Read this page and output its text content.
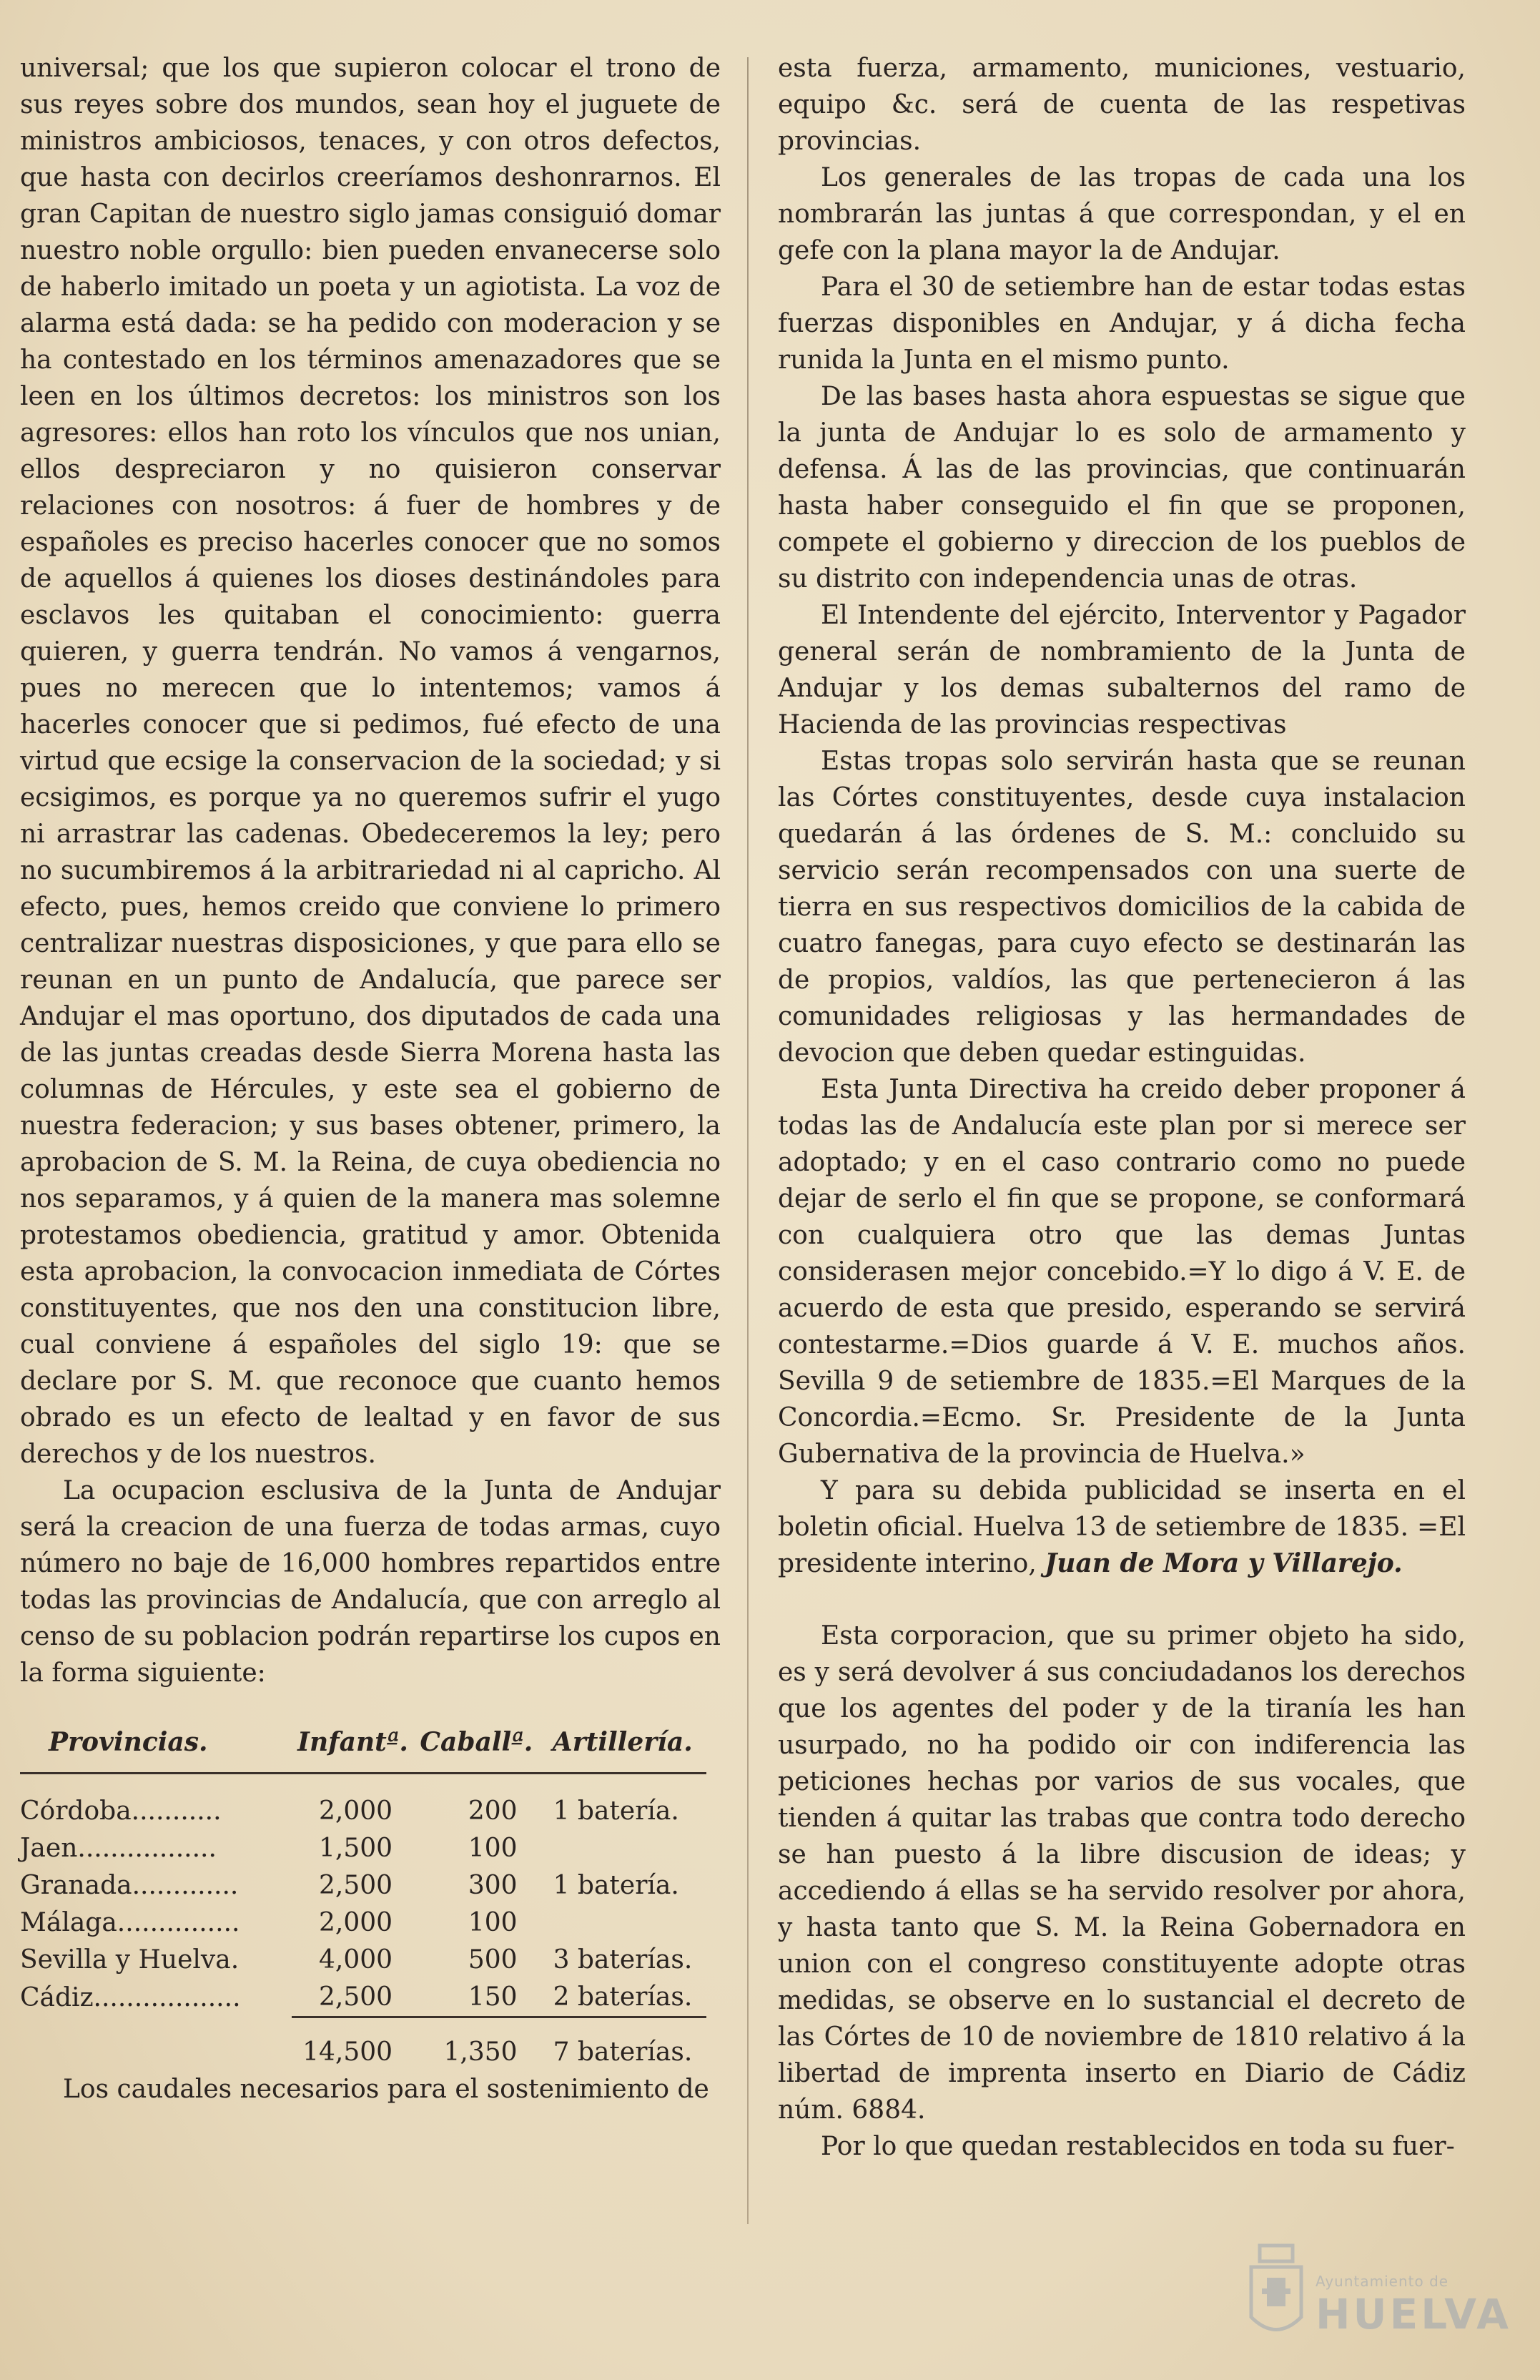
universal; que los que supieron colocar el trono de sus reyes sobre dos mundos, sean hoy el juguete de ministros ambiciosos, tenaces, y con otros defectos, que hasta con decirlos creeríamos deshonrarnos. El gran Capitan de nuestro siglo jamas consiguió domar nuestro noble orgullo: bien pueden envanecerse solo de haberlo imitado un poeta y un agiotista. La voz de alarma está dada: se ha pedido con moderacion y se ha contestado en los términos amenazadores que se leen en los últimos decretos: los ministros son los agresores: ellos han roto los vínculos que nos unian, ellos despreciaron y no quisieron conservar relaciones con nosotros: á fuer de hombres y de españoles es preciso hacerles conocer que no somos de aquellos á quienes los dioses destinándoles para esclavos les quitaban el conocimiento: guerra quieren, y guerra tendrán. No vamos á vengarnos, pues no merecen que lo intentemos; vamos á hacerles conocer que si pedimos, fué efecto de una virtud que ecsige la conservacion de la sociedad; y si ecsigimos, es porque ya no queremos sufrir el yugo ni arrastrar las cadenas. Obedeceremos la ley; pero no sucumbiremos á la arbitrariedad ni al capricho. Al efecto, pues, hemos creido que conviene lo primero centralizar nuestras disposiciones, y que para ello se reunan en un punto de Andalucía, que parece ser Andujar el mas oportuno, dos diputados de cada una de las juntas creadas desde Sierra Morena hasta las columnas de Hércules, y este sea el gobierno de nuestra federacion; y sus bases obtener, primero, la aprobacion de S. M. la Reina, de cuya obediencia no nos separamos, y á quien de la manera mas solemne protestamos obediencia, gratitud y amor. Obtenida esta aprobacion, la convocacion inmediata de Córtes constituyentes, que nos den una constitucion libre, cual conviene á españoles del siglo 19: que se declare por S. M. que reconoce que cuanto hemos obrado es un efecto de lealtad y en favor de sus derechos y de los nuestros.

La ocupacion esclusiva de la Junta de Andujar será la creacion de una fuerza de todas armas, cuyo número no baje de 16,000 hombres repartidos entre todas las provincias de Andalucía, que con arreglo al censo de su poblacion podrán repartirse los cupos en la forma siguiente:

Provincias.	Infantª.	Caballª.	Artillería.
Córdoba...........	2,000	200	1 batería.
Jaen.................	1,500	100	
Granada.............	2,500	300	1 batería.
Málaga...............	2,000	100	
Sevilla y Huelva.	4,000	500	3 baterías.
Cádiz..................	2,500	150	2 baterías.

	14,500	1,350	7 baterías.

Los caudales necesarios para el sostenimiento de

esta fuerza, armamento, municiones, vestuario, equipo &c. será de cuenta de las respetivas provincias.

Los generales de las tropas de cada una los nombrarán las juntas á que correspondan, y el en gefe con la plana mayor la de Andujar.

Para el 30 de setiembre han de estar todas estas fuerzas disponibles en Andujar, y á dicha fecha runida la Junta en el mismo punto.

De las bases hasta ahora espuestas se sigue que la junta de Andujar lo es solo de armamento y defensa. Á las de las provincias, que continuarán hasta haber conseguido el fin que se proponen, compete el gobierno y direccion de los pueblos de su distrito con independencia unas de otras.

El Intendente del ejército, Interventor y Pagador general serán de nombramiento de la Junta de Andujar y los demas subalternos del ramo de Hacienda de las provincias respectivas

Estas tropas solo servirán hasta que se reunan las Córtes constituyentes, desde cuya instalacion quedarán á las órdenes de S. M.: concluido su servicio serán recompensados con una suerte de tierra en sus respectivos domicilios de la cabida de cuatro fanegas, para cuyo efecto se destinarán las de propios, valdíos, las que pertenecieron á las comunidades religiosas y las hermandades de devocion que deben quedar estinguidas.

Esta Junta Directiva ha creido deber proponer á todas las de Andalucía este plan por si merece ser adoptado; y en el caso contrario como no puede dejar de serlo el fin que se propone, se conformará con cualquiera otro que las demas Juntas considerasen mejor concebido.=Y lo digo á V. E. de acuerdo de esta que presido, esperando se servirá contestarme.=Dios guarde á V. E. muchos años. Sevilla 9 de setiembre de 1835.=El Marques de la Concordia.=Ecmo. Sr. Presidente de la Junta Gubernativa de la provincia de Huelva.»

Y para su debida publicidad se inserta en el boletin oficial. Huelva 13 de setiembre de 1835. =El presidente interino, Juan de Mora y Villarejo.

Esta corporacion, que su primer objeto ha sido, es y será devolver á sus conciudadanos los derechos que los agentes del poder y de la tiranía les han usurpado, no ha podido oir con indiferencia las peticiones hechas por varios de sus vocales, que tienden á quitar las trabas que contra todo derecho se han puesto á la libre discusion de ideas; y accediendo á ellas se ha servido resolver por ahora, y hasta tanto que S. M. la Reina Gobernadora en union con el congreso constituyente adopte otras medidas, se observe en lo sustancial el decreto de las Córtes de 10 de noviembre de 1810 relativo á la libertad de imprenta inserto en Diario de Cádiz núm. 6884.

Por lo que quedan restablecidos en toda su fuer-

Ayuntamiento de
HUELVA
